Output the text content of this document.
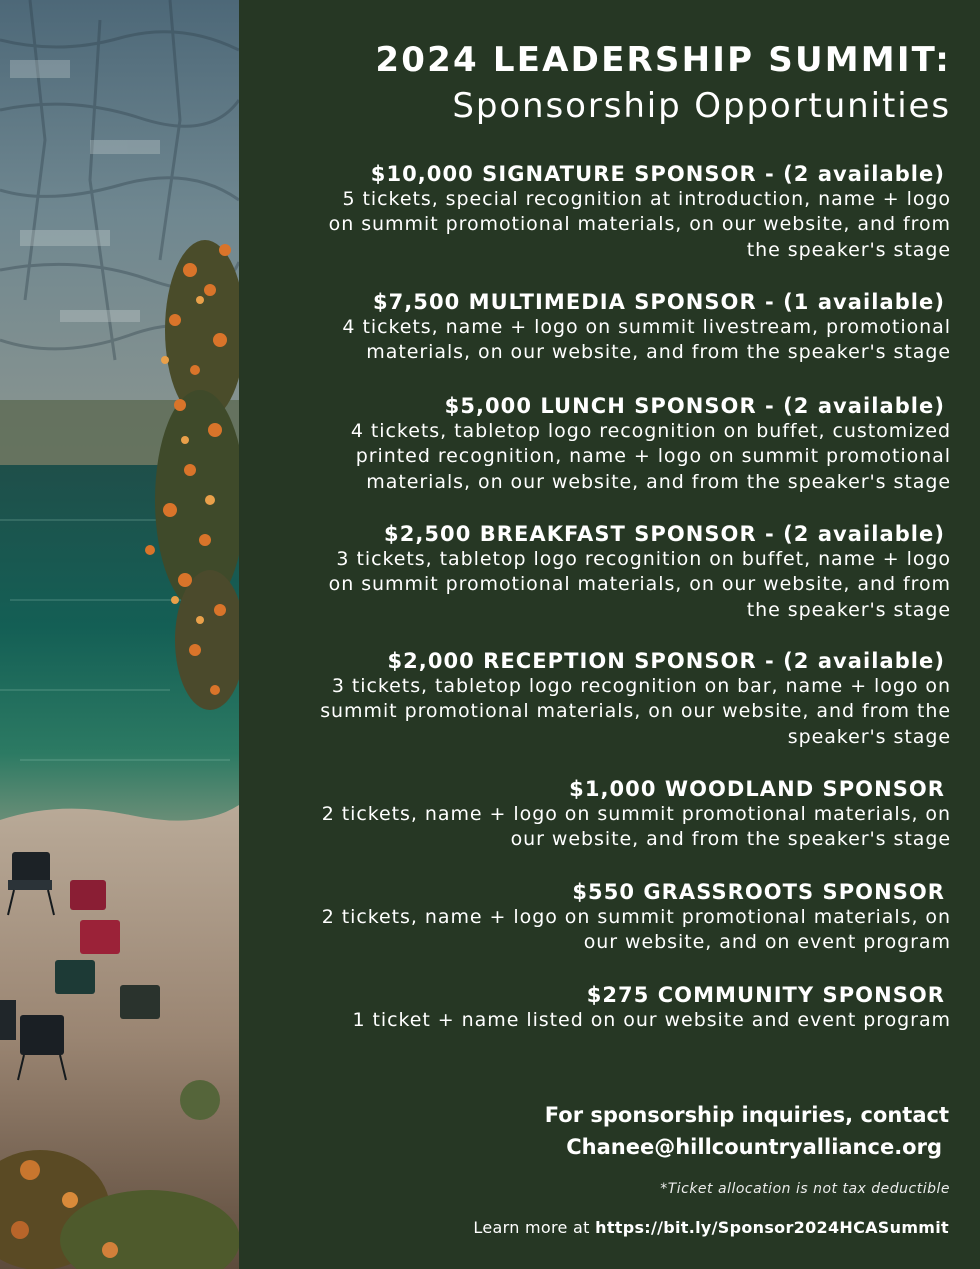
2024 LEADERSHIP SUMMIT:
Sponsorship Opportunities
$10,000 SIGNATURE SPONSOR - (2 available)
5 tickets, special recognition at introduction, name + logo
on summit promotional materials, on our website, and from
the speaker's stage
$7,500 MULTIMEDIA SPONSOR - (1 available)
4 tickets, name + logo on summit livestream, promotional
materials, on our website, and from the speaker's stage
$5,000 LUNCH SPONSOR - (2 available)
4 tickets, tabletop logo recognition on buffet, customized
printed recognition, name + logo on summit promotional
materials, on our website, and from the speaker's stage
$2,500 BREAKFAST SPONSOR - (2 available)
3 tickets, tabletop logo recognition on buffet, name + logo
on summit promotional materials, on our website, and from
the speaker's stage
$2,000 RECEPTION SPONSOR - (2 available)
3 tickets, tabletop logo recognition on bar, name + logo on
summit promotional materials, on our website, and from the
speaker's stage
$1,000 WOODLAND SPONSOR
2 tickets, name + logo on summit promotional materials, on
our website, and from the speaker's stage
$550 GRASSROOTS SPONSOR
2 tickets, name + logo on summit promotional materials, on
our website, and on event program
$275 COMMUNITY SPONSOR
1 ticket + name listed on our website and event program
For sponsorship inquiries, contact
Chanee@hillcountryalliance.org
*Ticket allocation is not tax deductible
Learn more at https://bit.ly/Sponsor2024HCASummit
